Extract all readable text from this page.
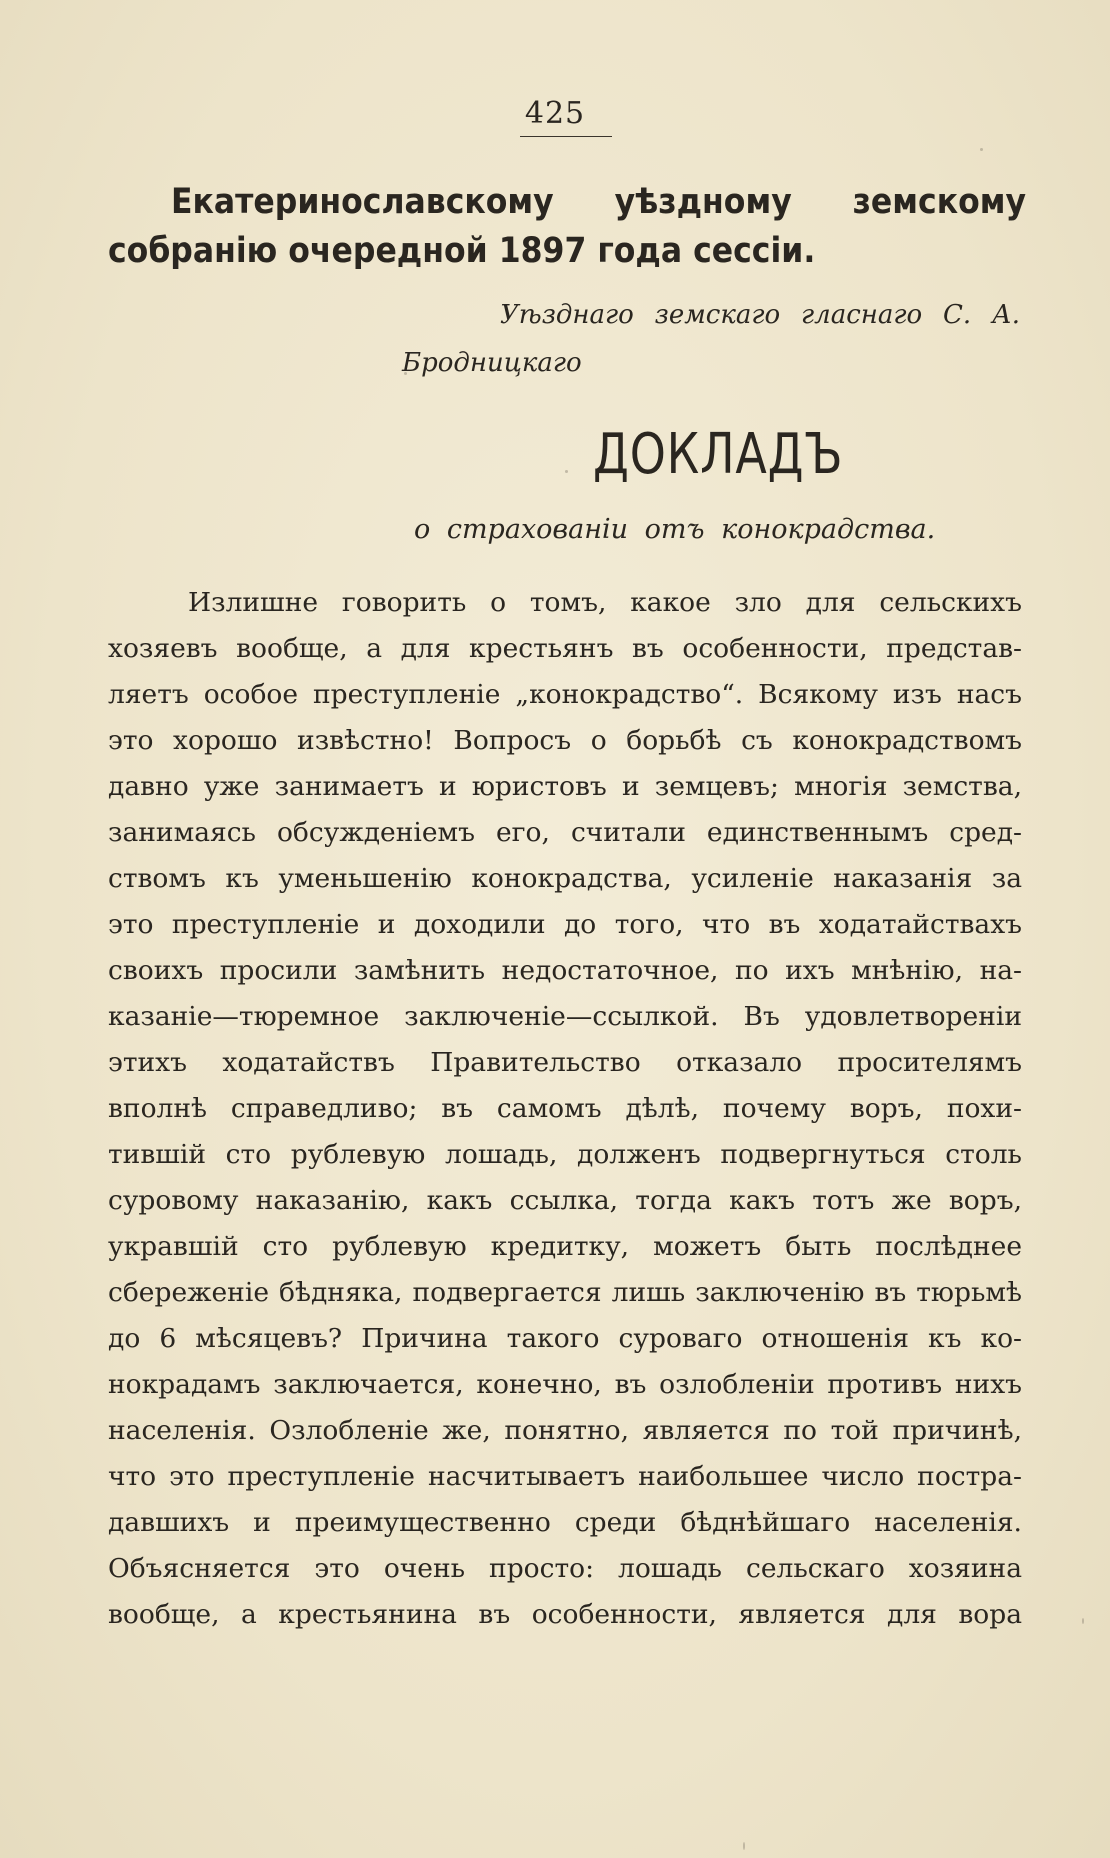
425
Екатеринославскому уѣздному земскому собранію очередной 1897 года сессіи.
Уѣзднаго земскаго гласнаго С. А.
Бродницкаго
ДОКЛАДЪ
о страхованіи отъ конокрадства.
Излишне говорить о томъ, какое зло для сельскихъ
хозяевъ вообще, а для крестьянъ въ особенности, представ-
ляетъ особое преступленіе „конокрадство“. Всякому изъ насъ
это хорошо извѣстно! Вопросъ о борьбѣ съ конокрадствомъ
давно уже занимаетъ и юристовъ и земцевъ; многія земства,
занимаясь обсужденіемъ его, считали единственнымъ сред-
ствомъ къ уменьшенію конокрадства, усиленіе наказанія за
это преступленіе и доходили до того, что въ ходатайствахъ
своихъ просили замѣнить недостаточное, по ихъ мнѣнію, на-
казаніе—тюремное заключеніе—ссылкой. Въ удовлетвореніи
этихъ ходатайствъ Правительство отказало просителямъ
вполнѣ справедливо; въ самомъ дѣлѣ, почему воръ, похи-
тившій сто рублевую лошадь, долженъ подвергнуться столь
суровому наказанію, какъ ссылка, тогда какъ тотъ же воръ,
укравшій сто рублевую кредитку, можетъ быть послѣднее
сбереженіе бѣдняка, подвергается лишь заключенію въ тюрьмѣ
до 6 мѣсяцевъ? Причина такого суроваго отношенія къ ко-
нокрадамъ заключается, конечно, въ озлобленіи противъ нихъ
населенія. Озлобленіе же, понятно, является по той причинѣ,
что это преступленіе насчитываетъ наибольшее число постра-
давшихъ и преимущественно среди бѣднѣйшаго населенія.
Объясняется это очень просто: лошадь сельскаго хозяина
вообще, а крестьянина въ особенности, является для вора
